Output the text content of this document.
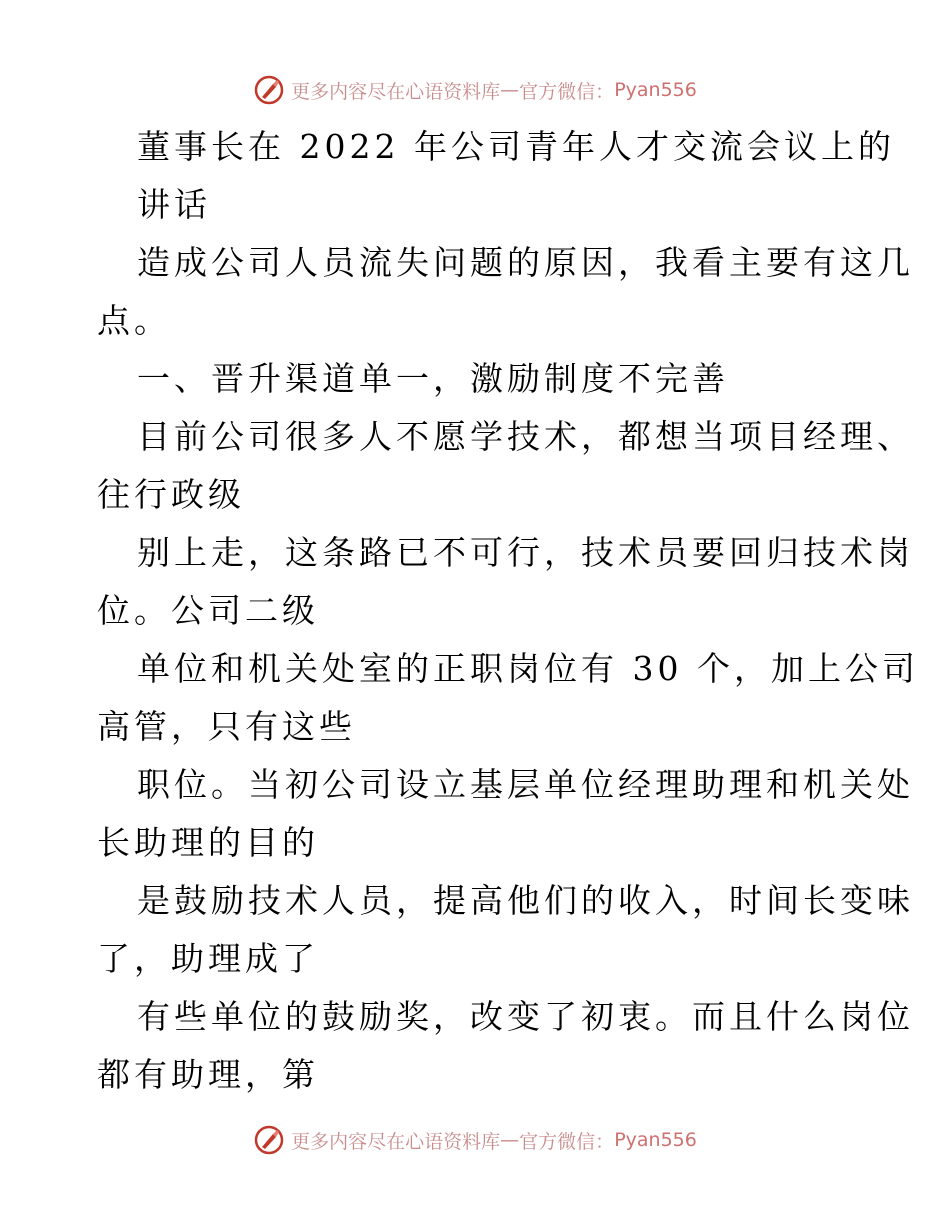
更多内容尽在心语资料库 — 官方微信： Pyan556
董事长在 2022 年公司青年人才交流会议上的
讲话
造成公司人员流失问题的原因，我看主要有这几
点。
一、晋升渠道单一，激励制度不完善
目前公司很多人不愿学技术，都想当项目经理、
往行政级
别上走，这条路已不可行，技术员要回归技术岗
位。公司二级
单位和机关处室的正职岗位有 30 个，加上公司
高管，只有这些
职位。当初公司设立基层单位经理助理和机关处
长助理的目的
是鼓励技术人员，提高他们的收入，时间长变味
了，助理成了
有些单位的鼓励奖，改变了初衷。而且什么岗位
都有助理，第
更多内容尽在心语资料库 — 官方微信： Pyan556
